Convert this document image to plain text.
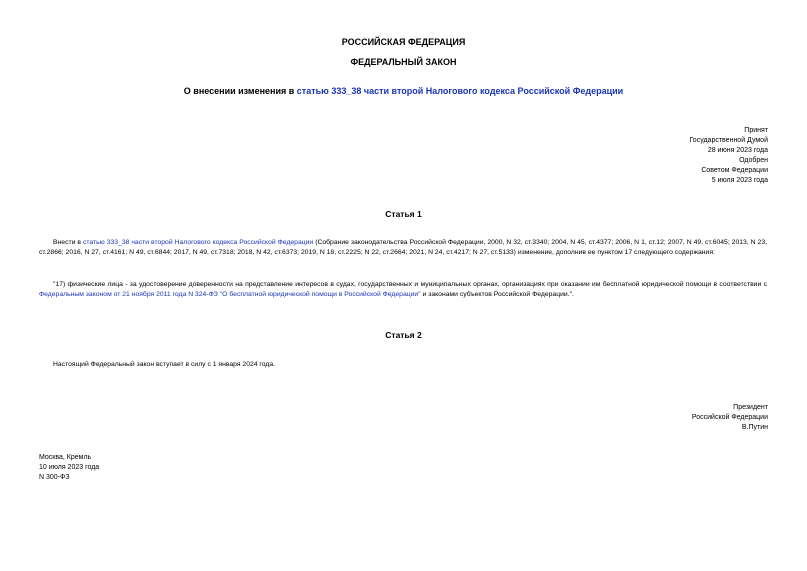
РОССИЙСКАЯ ФЕДЕРАЦИЯ
ФЕДЕРАЛЬНЫЙ ЗАКОН
О внесении изменения в статью 333_38 части второй Налогового кодекса Российской Федерации
Принят
Государственной Думой
28 июня 2023 года
Одобрен
Советом Федерации
5 июля 2023 года
Статья 1
Внести в статью 333_38 части второй Налогового кодекса Российской Федерации (Собрание законодательства Российской Федерации, 2000, N 32, ст.3340; 2004, N 45, ст.4377; 2006, N 1, ст.12; 2007, N 49, ст.6045; 2013, N 23, ст.2866; 2016, N 27, ст.4161; N 49, ст.6844; 2017, N 49, ст.7318; 2018, N 42, ст.6373; 2019, N 18, ст.2225; N 22, ст.2664; 2021, N 24, ст.4217; N 27, ст.5133) изменение, дополнив ее пунктом 17 следующего содержания:
"17) физические лица - за удостоверение доверенности на представление интересов в судах, государственных и муниципальных органах, организациях при оказании им бесплатной юридической помощи в соответствии с Федеральным законом от 21 ноября 2011 года N 324-ФЗ "О бесплатной юридической помощи в Российской Федерации" и законами субъектов Российской Федерации.".
Статья 2
Настоящий Федеральный закон вступает в силу с 1 января 2024 года.
Президент
Российской Федерации
В.Путин
Москва, Кремль
10 июля 2023 года
N 300-ФЗ
